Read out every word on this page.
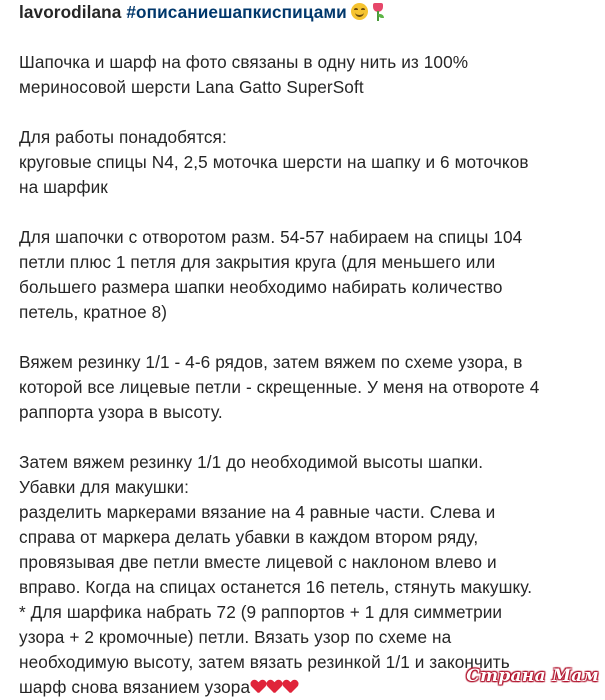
lavorodilana #описаниешапкиспицами
Шапочка и шарф на фото связаны в одну нить из 100%
мериносовой шерсти Lana Gatto SuperSoft
Для работы понадобятся:
круговые спицы N4, 2,5 моточка шерсти на шапку и 6 моточков
на шарфик
Для шапочки с отворотом разм. 54-57 набираем на спицы 104
петли плюс 1 петля для закрытия круга (для меньшего или
большего размера шапки необходимо набирать количество
петель, кратное 8)
Вяжем резинку 1/1 - 4-6 рядов, затем вяжем по схеме узора, в
которой все лицевые петли - скрещенные. У меня на отвороте 4
раппорта узора в высоту.
Затем вяжем резинку 1/1 до необходимой высоты шапки.
Убавки для макушки:
разделить маркерами вязание на 4 равные части. Слева и
справа от маркера делать убавки в каждом втором ряду,
провязывая две петли вместе лицевой с наклоном влево и
вправо. Когда на спицах останется 16 петель, стянуть макушку.
* Для шарфика набрать 72 (9 раппортов + 1 для симметрии
узора + 2 кромочные) петли. Вязать узор по схеме на
необходимую высоту, затем вязать резинкой 1/1 и закончить
шарф снова вязанием узора
Страна Мам
